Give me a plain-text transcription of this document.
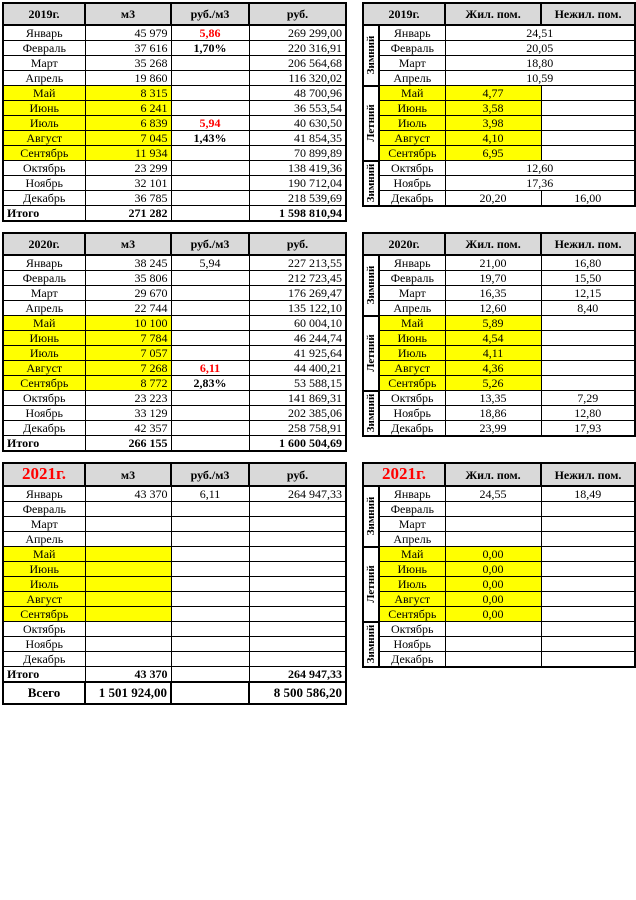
2019г.	м3	руб./м3	руб.
Январь	45 979	5,86	269 299,00
Февраль	37 616	1,70%	220 316,91
Март	35 268		206 564,68
Апрель	19 860		116 320,02
Май	8 315		48 700,96
Июнь	6 241		36 553,54
Июль	6 839	5,94	40 630,50
Август	7 045	1,43%	41 854,35
Сентябрь	11 934		70 899,89
Октябрь	23 299		138 419,36
Ноябрь	32 101		190 712,04
Декабрь	36 785		218 539,69
Итого	271 282		1 598 810,94
2020г.	м3	руб./м3	руб.
Январь	38 245	5,94	227 213,55
Февраль	35 806		212 723,45
Март	29 670		176 269,47
Апрель	22 744		135 122,10
Май	10 100		60 004,10
Июнь	7 784		46 244,74
Июль	7 057		41 925,64
Август	7 268	6,11	44 400,21
Сентябрь	8 772	2,83%	53 588,15
Октябрь	23 223		141 869,31
Ноябрь	33 129		202 385,06
Декабрь	42 357		258 758,91
Итого	266 155		1 600 504,69
2021г.	м3	руб./м3	руб.
Январь	43 370	6,11	264 947,33
Февраль			
Март			
Апрель			
Май			
Июнь			
Июль			
Август			
Сентябрь			
Октябрь			
Ноябрь			
Декабрь			
Итого	43 370		264 947,33
Всего	1 501 924,00		8 500 586,20
2019г.		Жил. пом.	Нежил. пом.

Зимний	Январь	24,51	
	Февраль	20,05	
	Март	18,80	
	Апрель	10,59	

Летний	Май	4,77	
	Июнь	3,58	
	Июль	3,98	
	Август	4,10	
	Сентябрь	6,95	

Зимний	Октябрь	12,60	
	Ноябрь	17,36	
	Декабрь	20,20	16,00
2020г.		Жил. пом.	Нежил. пом.

Зимний	Январь	21,00	16,80
	Февраль	19,70	15,50
	Март	16,35	12,15
	Апрель	12,60	8,40

Летний	Май	5,89	
	Июнь	4,54	
	Июль	4,11	
	Август	4,36	
	Сентябрь	5,26	

Зимний	Октябрь	13,35	7,29
	Ноябрь	18,86	12,80
	Декабрь	23,99	17,93
2021г.		Жил. пом.	Нежил. пом.

Зимний	Январь	24,55	18,49
	Февраль		
	Март		
	Апрель		

Летний	Май	0,00	
	Июнь	0,00	
	Июль	0,00	
	Август	0,00	
	Сентябрь	0,00	

Зимний	Октябрь		
	Ноябрь		
	Декабрь		
